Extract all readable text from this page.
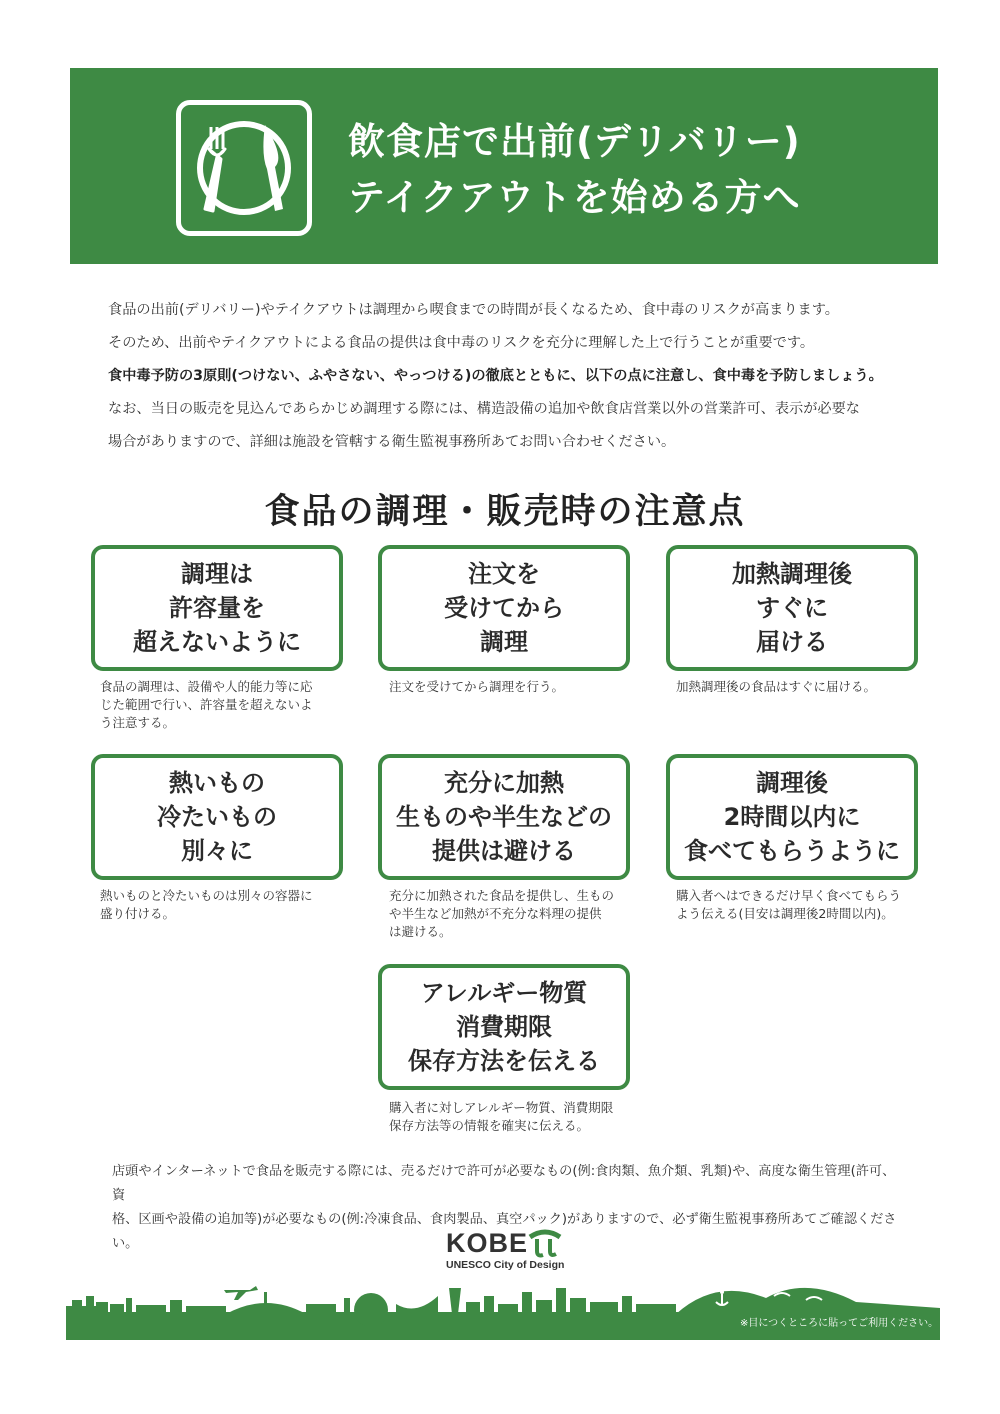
飲食店で出前(デリバリー)
テイクアウトを始める方へ

食品の出前(デリバリー)やテイクアウトは調理から喫食までの時間が長くなるため、食中毒のリスクが高まります。

そのため、出前やテイクアウトによる食品の提供は食中毒のリスクを充分に理解した上で行うことが重要です。

食中毒予防の3原則(つけない、ふやさない、やっつける)の徹底とともに、以下の点に注意し、食中毒を予防しましょう。

なお、当日の販売を見込んであらかじめ調理する際には、構造設備の追加や飲食店営業以外の営業許可、表示が必要な

場合がありますので、詳細は施設を管轄する衛生監視事務所あてお問い合わせください。

食品の調理・販売時の注意点
調理は
許容量を
超えないように
食品の調理は、設備や人的能力等に応
じた範囲で行い、許容量を超えないよ
う注意する。
注文を
受けてから
調理
注文を受けてから調理を行う。
加熱調理後
すぐに
届ける
加熱調理後の食品はすぐに届ける。
熱いもの
冷たいもの
別々に
熱いものと冷たいものは別々の容器に
盛り付ける。
充分に加熱
生ものや半生などの
提供は避ける
充分に加熱された食品を提供し、生もの
や半生など加熱が不充分な料理の提供
は避ける。
調理後
2時間以内に
食べてもらうように
購入者へはできるだけ早く食べてもらう
よう伝える(目安は調理後2時間以内)。
アレルギー物質
消費期限
保存方法を伝える
購入者に対しアレルギー物質、消費期限
保存方法等の情報を確実に伝える。
店頭やインターネットで食品を販売する際には、売るだけで許可が必要なもの(例:食肉類、魚介類、乳類)や、高度な衛生管理(許可、資
格、区画や設備の追加等)が必要なもの(例:冷凍食品、食肉製品、真空パック)がありますので、必ず衛生監視事務所あてご確認ください。	KOBE
UNESCO City of Design
※目につくところに貼ってご利用ください。
